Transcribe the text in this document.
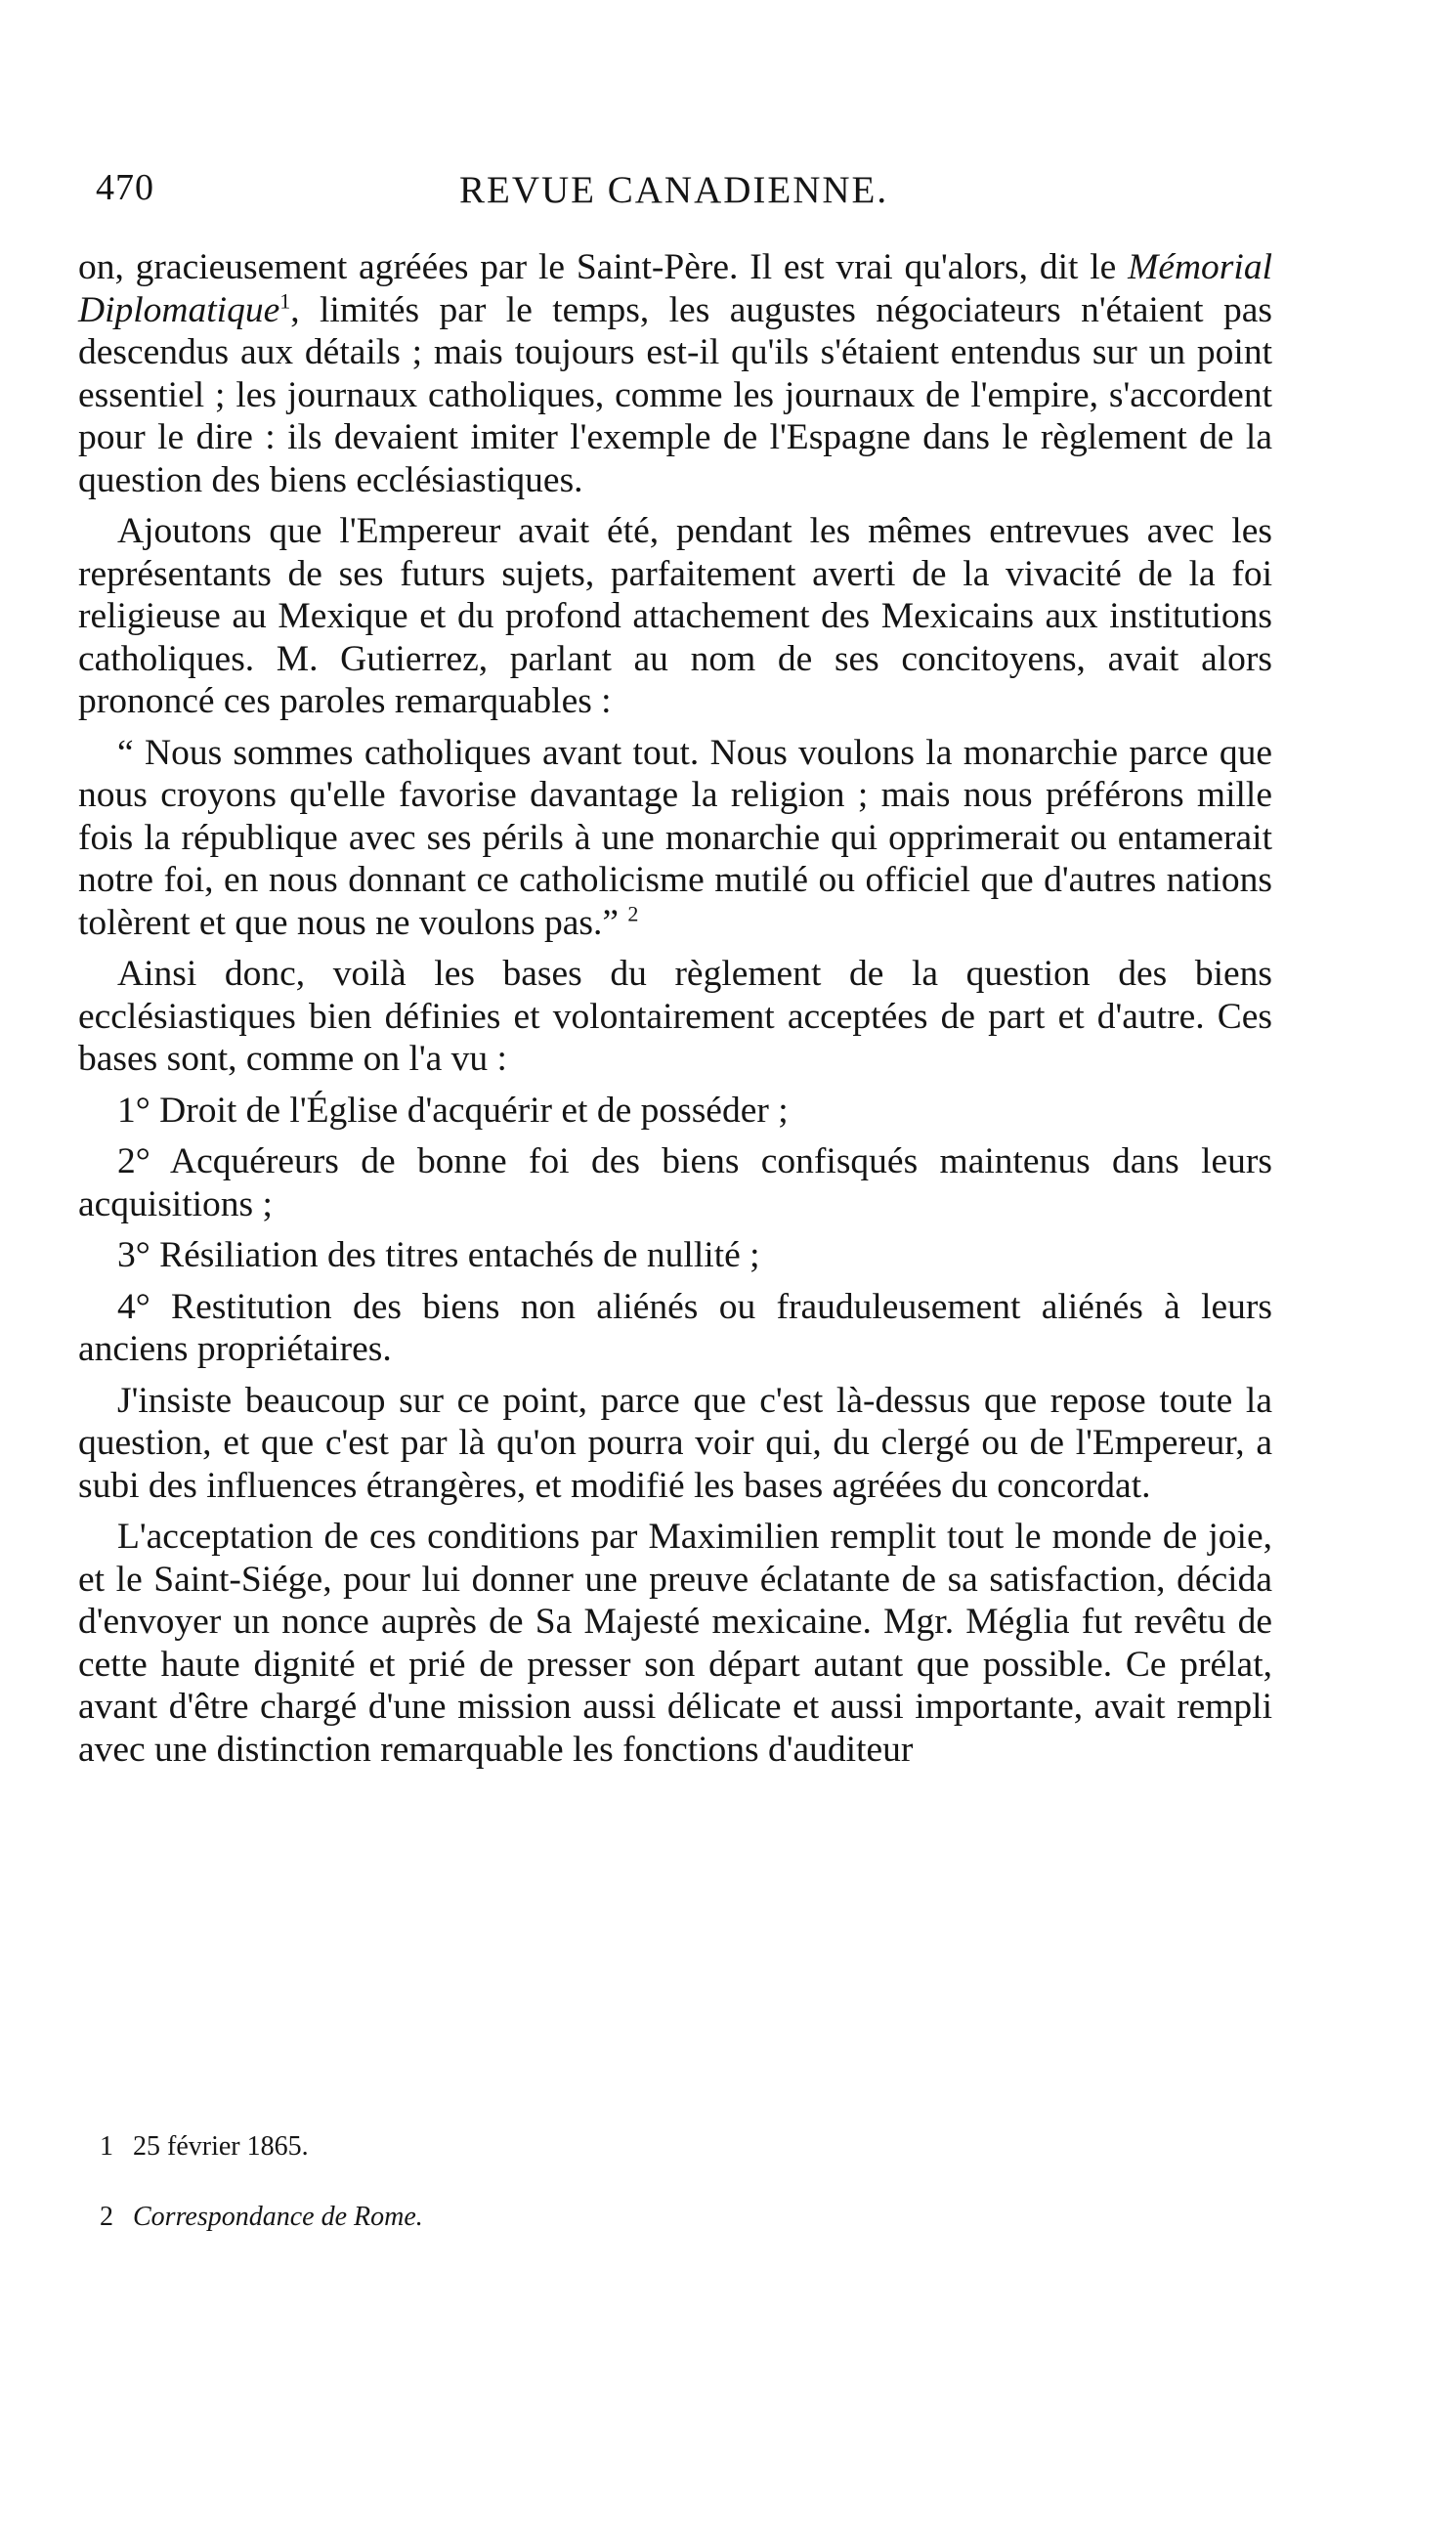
470	REVUE CANADIENNE.

on, gracieusement agréées par le Saint-Père. Il est vrai qu'alors, dit le Mémorial Diplomatique$^1$, limités par le temps, les augustes négociateurs n'étaient pas descendus aux détails ; mais toujours est-il qu'ils s'étaient entendus sur un point essentiel ; les journaux catholiques, comme les journaux de l'empire, s'accordent pour le dire : ils devaient imiter l'exemple de l'Espagne dans le règlement de la question des biens ecclésiastiques.

Ajoutons que l'Empereur avait été, pendant les mêmes entrevues avec les représentants de ses futurs sujets, parfaitement averti de la vivacité de la foi religieuse au Mexique et du profond attachement des Mexicains aux institutions catholiques. M. Gutierrez, parlant au nom de ses concitoyens, avait alors prononcé ces paroles remarquables :

“ Nous sommes catholiques avant tout. Nous voulons la monarchie parce que nous croyons qu'elle favorise davantage la religion ; mais nous préférons mille fois la république avec ses périls à une monarchie qui opprimerait ou entamerait notre foi, en nous donnant ce catholicisme mutilé ou officiel que d'autres nations tolèrent et que nous ne voulons pas.” $^2$

Ainsi donc, voilà les bases du règlement de la question des biens ecclésiastiques bien définies et volontairement acceptées de part et d'autre. Ces bases sont, comme on l'a vu :

1° Droit de l'Église d'acquérir et de posséder ;

2° Acquéreurs de bonne foi des biens confisqués maintenus dans leurs acquisitions ;

3° Résiliation des titres entachés de nullité ;

4° Restitution des biens non aliénés ou frauduleusement aliénés à leurs anciens propriétaires.

J'insiste beaucoup sur ce point, parce que c'est là-dessus que repose toute la question, et que c'est par là qu'on pourra voir qui, du clergé ou de l'Empereur, a subi des influences étrangères, et modifié les bases agréées du concordat.

L'acceptation de ces conditions par Maximilien remplit tout le monde de joie, et le Saint-Siége, pour lui donner une preuve éclatante de sa satisfaction, décida d'envoyer un nonce auprès de Sa Majesté mexicaine. Mgr. Méglia fut revêtu de cette haute dignité et prié de presser son départ autant que possible. Ce prélat, avant d'être chargé d'une mission aussi délicate et aussi importante, avait rempli avec une distinction remarquable les fonctions d'auditeur

1 25 février 1865.
2 Correspondance de Rome.
